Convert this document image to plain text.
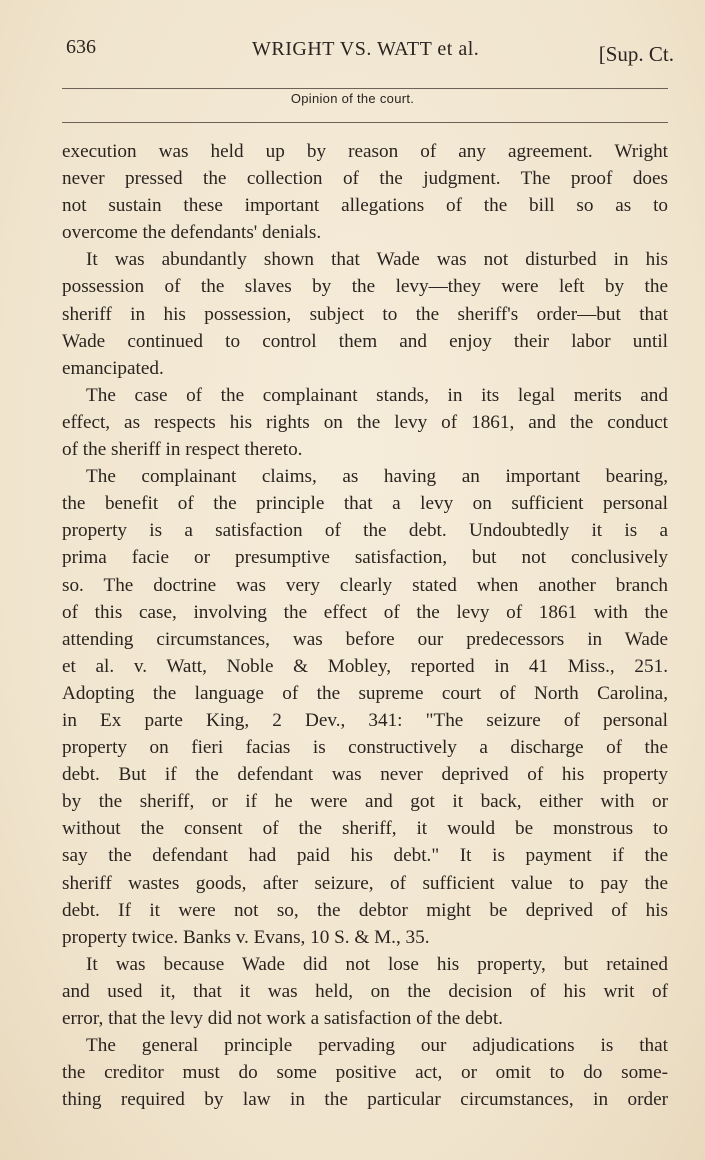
636	WRIGHT VS. WATT et al.	[Sup. Ct.
Opinion of the court.
execution was held up by reason of any agreement. Wright
never pressed the collection of the judgment. The proof does
not sustain these important allegations of the bill so as to
overcome the defendants' denials.
It was abundantly shown that Wade was not disturbed in his
possession of the slaves by the levy—they were left by the
sheriff in his possession, subject to the sheriff's order—but that
Wade continued to control them and enjoy their labor until
emancipated.
The case of the complainant stands, in its legal merits and
effect, as respects his rights on the levy of 1861, and the conduct
of the sheriff in respect thereto.
The complainant claims, as having an important bearing,
the benefit of the principle that a levy on sufficient personal
property is a satisfaction of the debt. Undoubtedly it is a
prima facie or presumptive satisfaction, but not conclusively
so. The doctrine was very clearly stated when another branch
of this case, involving the effect of the levy of 1861 with the
attending circumstances, was before our predecessors in Wade
et al. v. Watt, Noble & Mobley, reported in 41 Miss., 251.
Adopting the language of the supreme court of North Carolina,
in Ex parte King, 2 Dev., 341: "The seizure of personal
property on fieri facias is constructively a discharge of the
debt. But if the defendant was never deprived of his property
by the sheriff, or if he were and got it back, either with or
without the consent of the sheriff, it would be monstrous to
say the defendant had paid his debt." It is payment if the
sheriff wastes goods, after seizure, of sufficient value to pay the
debt. If it were not so, the debtor might be deprived of his
property twice. Banks v. Evans, 10 S. & M., 35.
It was because Wade did not lose his property, but retained
and used it, that it was held, on the decision of his writ of
error, that the levy did not work a satisfaction of the debt.
The general principle pervading our adjudications is that
the creditor must do some positive act, or omit to do some-
thing required by law in the particular circumstances, in order
